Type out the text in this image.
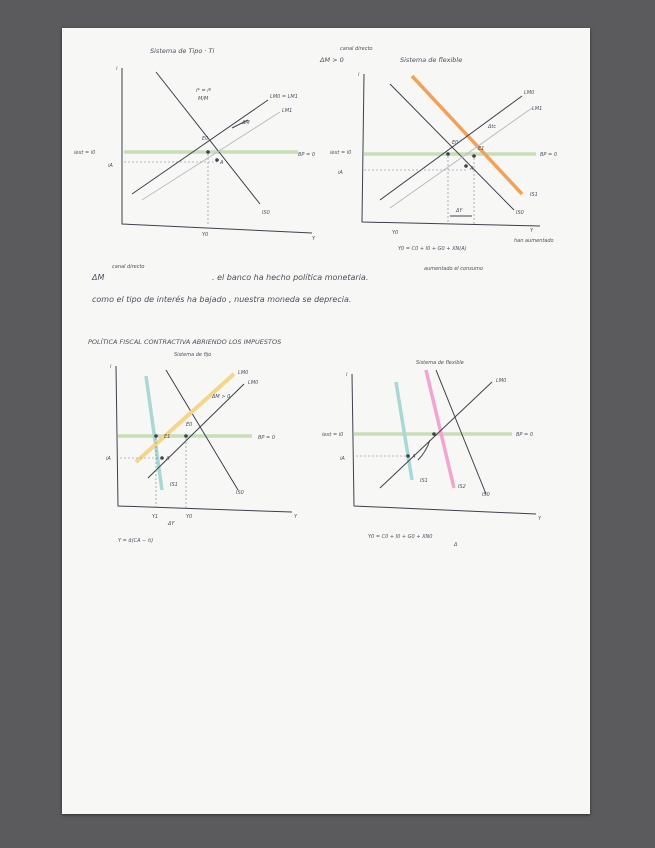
Sistema de Tipo · Ti
i
Y
BP = 0
iext = i0
iA
IS0
LM0 = LM1
LM1
i* = iº
M/M
ΔM
E0
A
Y0
ΔM > 0
canal directo
Sistema de flexible
i
Y
BP = 0
iext = i0
iA
IS1
IS0
LM0
LM1
Δtc
E0
E1
A
ΔY
Y0
Y0 = C0 + I0 + G0 + XN(A)
han aumentado
aumentado el consumo
ΔM
canal directo
. el banco ha hecho política monetaria.
como el tipo de interés ha bajado , nuestra moneda se deprecia.
POLÍTICA FISCAL CONTRACTIVA ABRIENDO LOS IMPUESTOS
Sistema de fijo
i
Y
BP = 0
iA
IS1
IS0
LM0
LM0
ΔM > 0
E0
E1
A
Y1	Y0
ΔY
Y = ᾱ(CA − ti)
Sistema de flexible
i
Y
BP = 0
iext = i0
iA
IS1
IS2
IS0
LM0
A
Y0 = C0 + I0 + G0 + XN0
Δ
